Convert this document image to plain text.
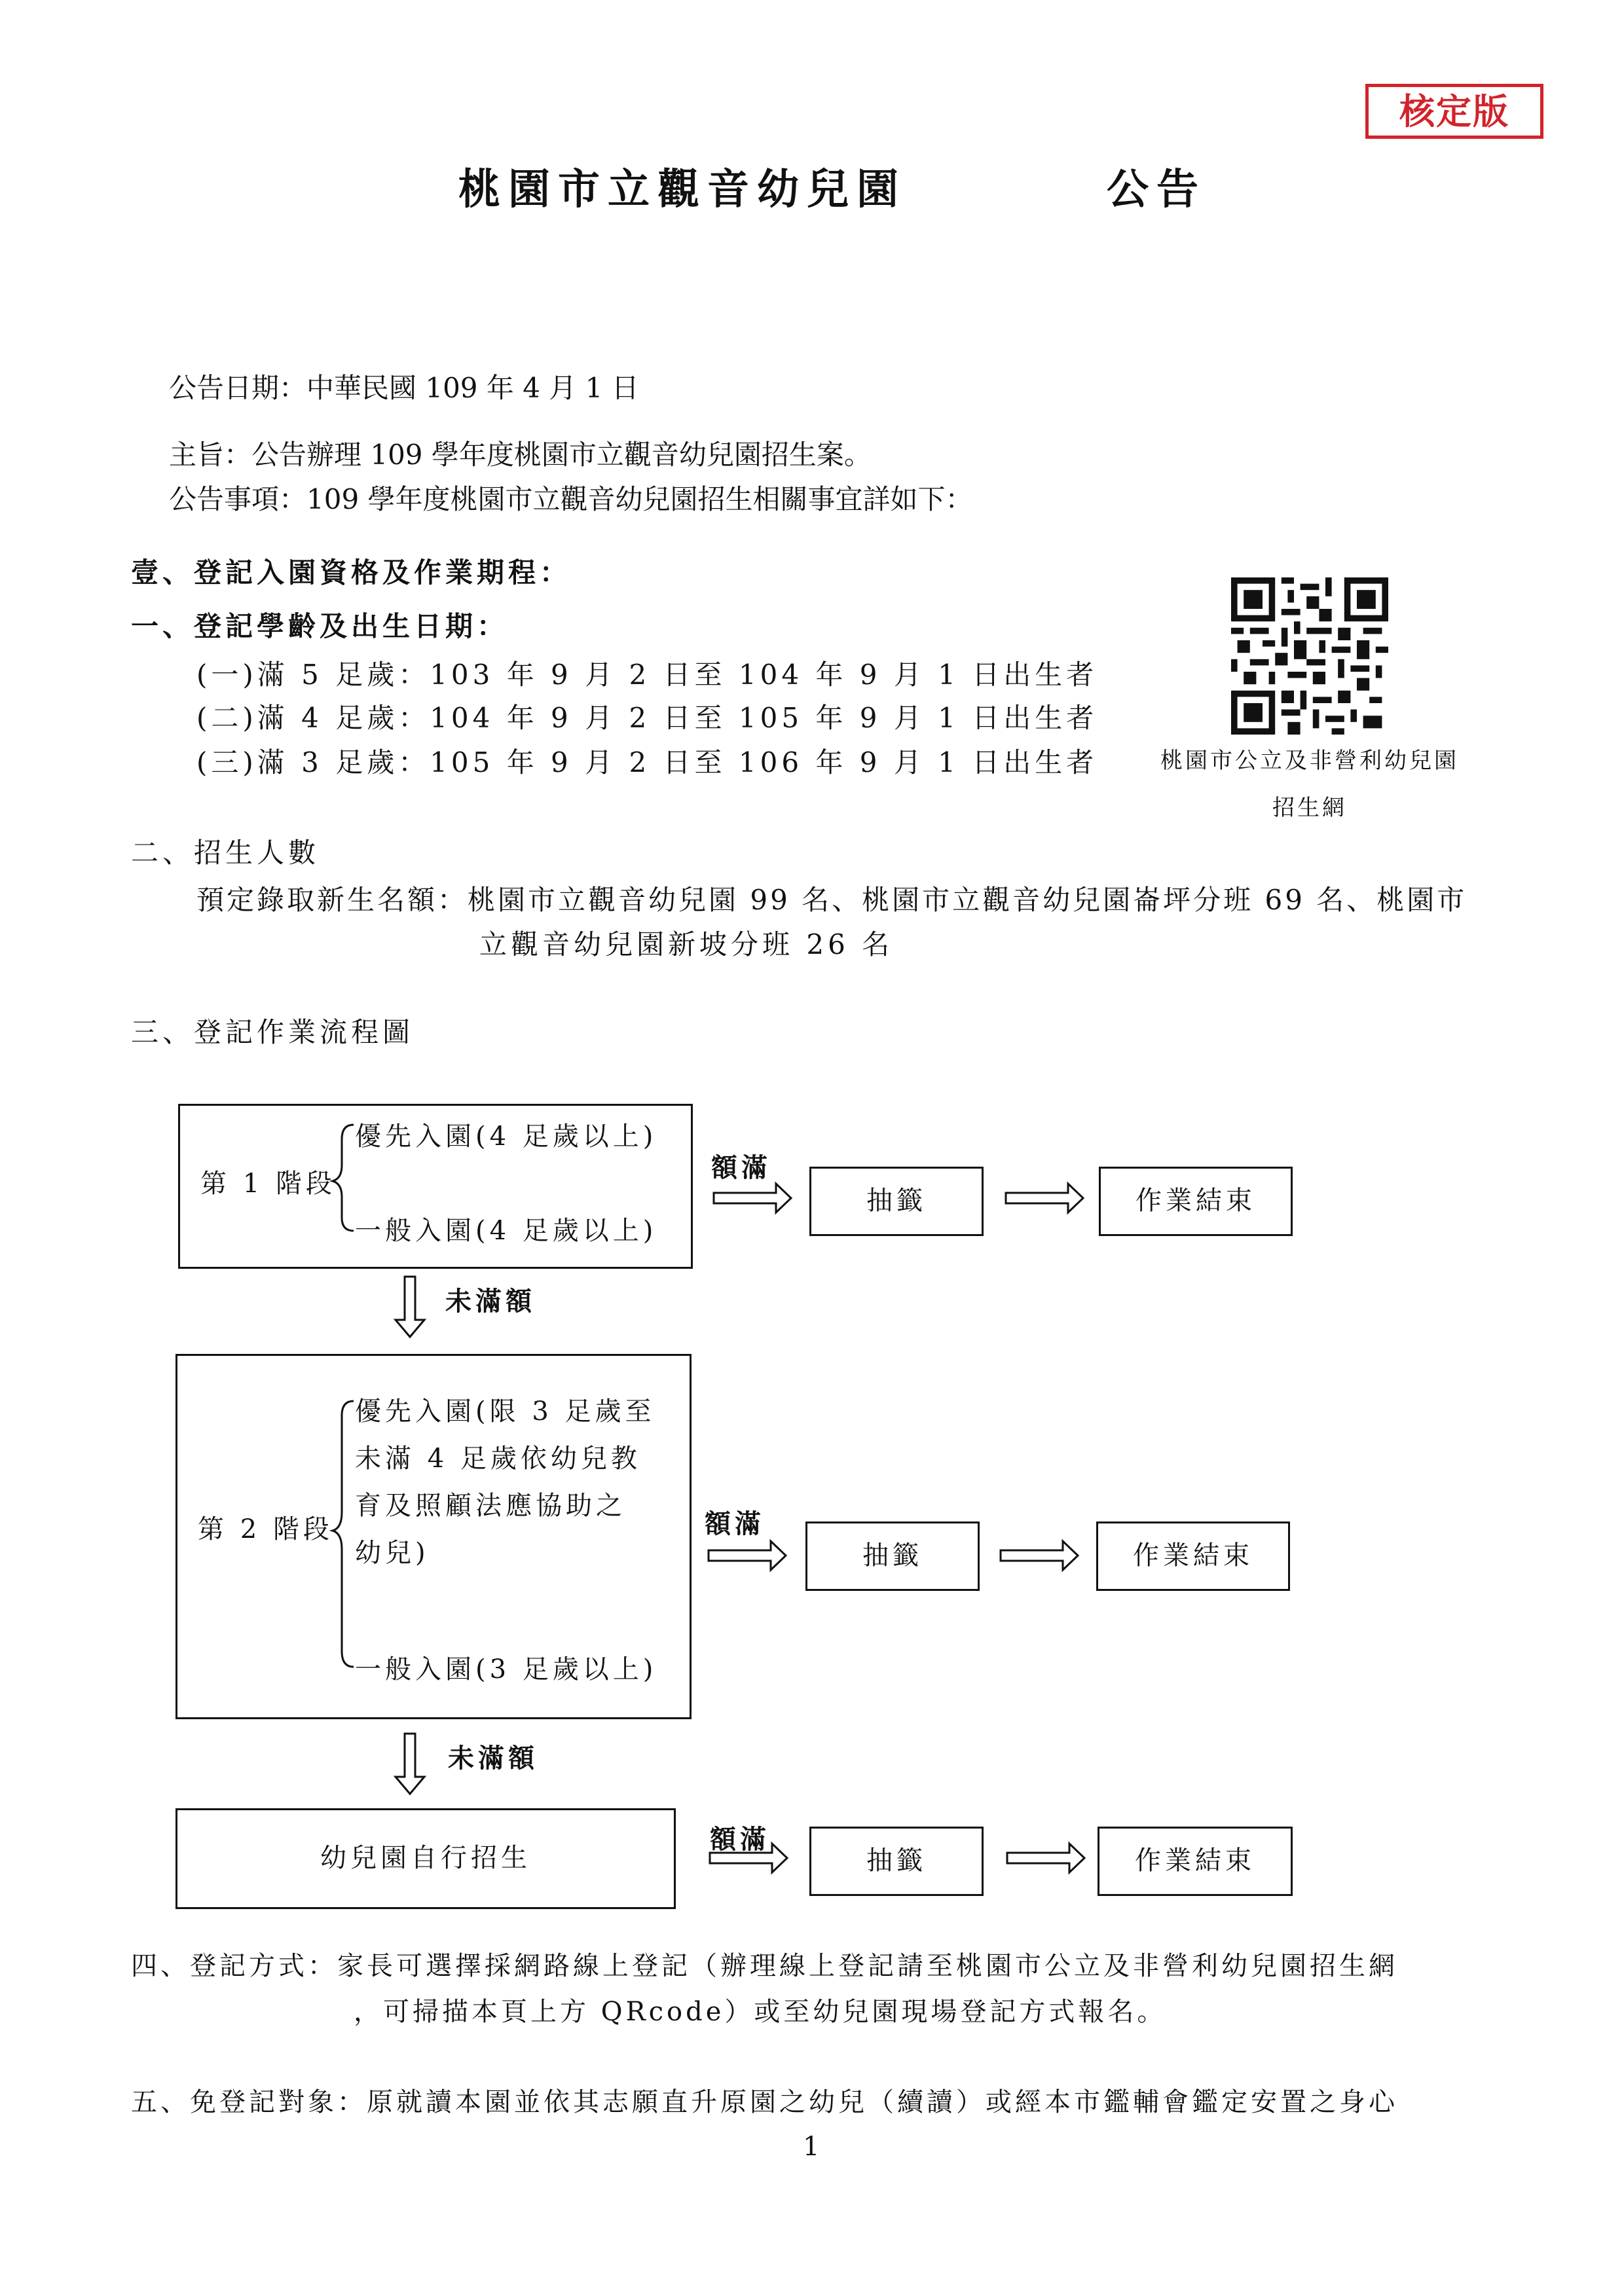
核定版
桃園市立觀音幼兒園	公告
公告日期：中華民國 109 年 4 月 1 日
主旨：公告辦理 109 學年度桃園市立觀音幼兒園招生案。
公告事項：109 學年度桃園市立觀音幼兒園招生相關事宜詳如下：
壹、登記入園資格及作業期程：
一、登記學齡及出生日期：
(一)滿 5 足歲：103 年 9 月 2 日至 104 年 9 月 1 日出生者
(二)滿 4 足歲：104 年 9 月 2 日至 105 年 9 月 1 日出生者
(三)滿 3 足歲：105 年 9 月 2 日至 106 年 9 月 1 日出生者	桃園市公立及非營利幼兒園
招生網
二、招生人數
預定錄取新生名額：桃園市立觀音幼兒園 99 名、桃園市立觀音幼兒園崙坪分班 69 名、桃園市
立觀音幼兒園新坡分班 26 名
三、登記作業流程圖
第 1 階段
優先入園(4 足歲以上)
一般入園(4 足歲以上)
額滿
抽籤	作業結束
未滿額
第 2 階段
優先入園(限 3 足歲至
未滿 4 足歲依幼兒教
育及照顧法應協助之
幼兒)
一般入園(3 足歲以上)
額滿
抽籤	作業結束
未滿額
幼兒園自行招生
額滿
抽籤	作業結束
四、登記方式：家長可選擇採網路線上登記（辦理線上登記請至桃園市公立及非營利幼兒園招生網
，可掃描本頁上方 QRcode）或至幼兒園現場登記方式報名。
五、免登記對象：原就讀本園並依其志願直升原園之幼兒（續讀）或經本市鑑輔會鑑定安置之身心
1
